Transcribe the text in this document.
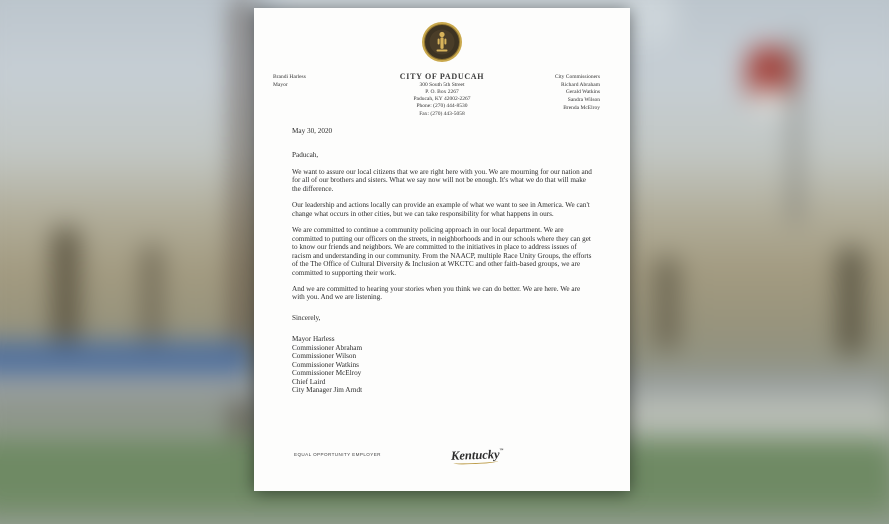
CITY OF PADUCAH
300 South 5th Street
P. O. Box 2267
Paducah, KY 42002-2267
Phone: (270) 444-8530
Fax: (270) 443-5058
Brandi Harless
Mayor
City Commissioners
Richard Abraham
Gerald Watkins
Sandra Wilson
Brenda McElroy
May 30, 2020
Paducah,

We want to assure our local citizens that we are right here with you. We are mourning for our nation and for all of our brothers and sisters. What we say now will not be enough. It's what we do that will make the difference.

Our leadership and actions locally can provide an example of what we want to see in America. We can't change what occurs in other cities, but we can take responsibility for what happens in ours.

We are committed to continue a community policing approach in our local department. We are committed to putting our officers on the streets, in neighborhoods and in our schools where they can get to know our friends and neighbors. We are committed to the initiatives in place to address issues of racism and understanding in our community. From the NAACP, multiple Race Unity Groups, the efforts of the The Office of Cultural Diversity & Inclusion at WKCTC and other faith-based groups, we are committed to supporting their work.

And we are committed to hearing your stories when you think we can do better. We are here. We are with you. And we are listening.

Sincerely,
Mayor Harless
Commissioner Abraham
Commissioner Wilson
Commissioner Watkins
Commissioner McElroy
Chief Laird
City Manager Jim Arndt
EQUAL OPPORTUNITY EMPLOYER	Kentucky™
